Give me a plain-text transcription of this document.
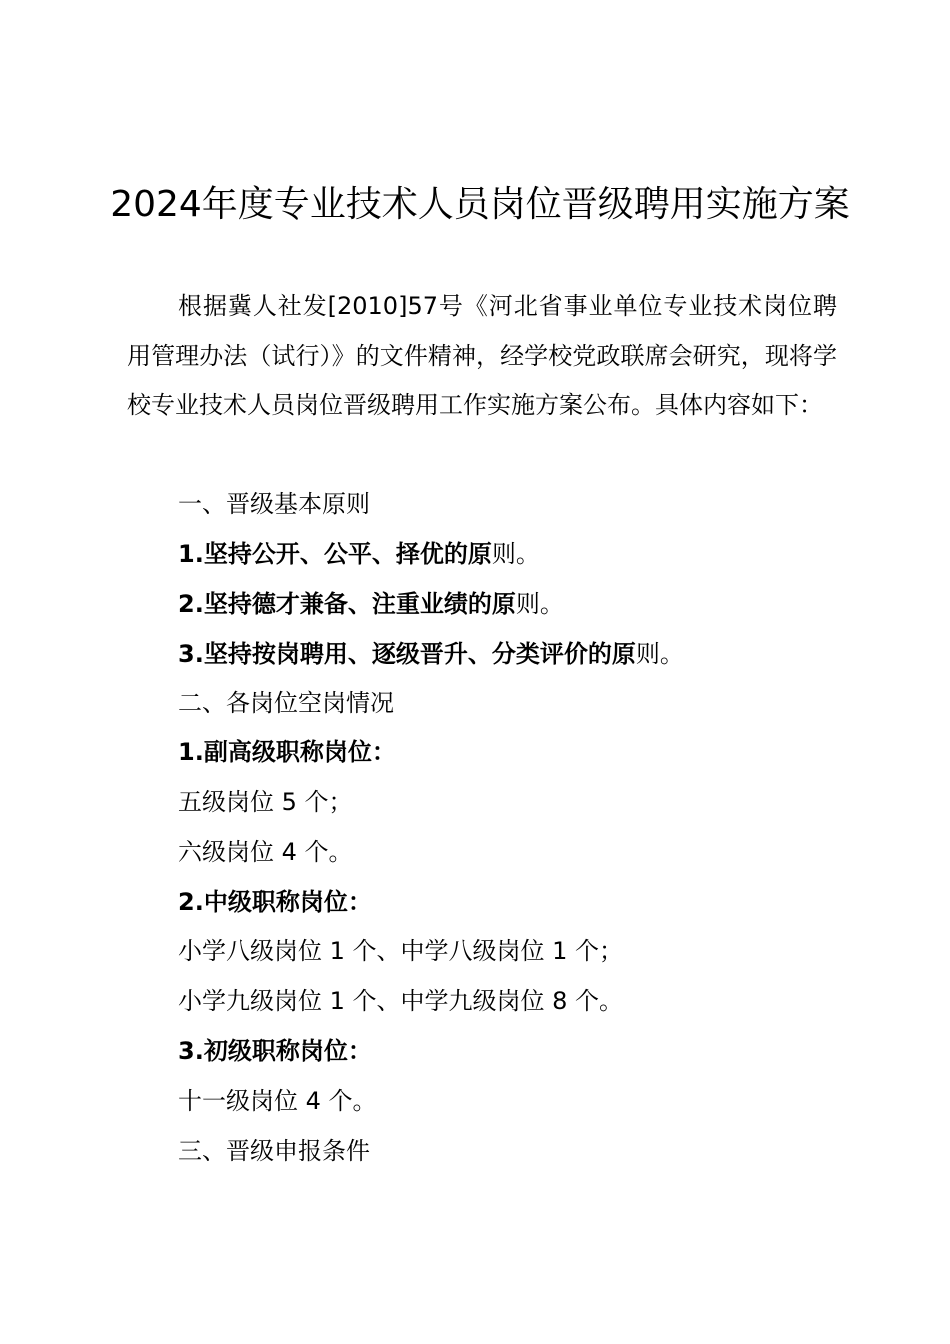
2024年度专业技术人员岗位晋级聘用实施方案

根据冀人社发[2010]57号《河北省事业单位专业技术岗位聘用管理办法（试行）》的文件精神，经学校党政联席会研究，现将学校专业技术人员岗位晋级聘用工作实施方案公布。具体内容如下：

一、晋级基本原则

1.坚持公开、公平、择优的原则。

2.坚持德才兼备、注重业绩的原则。

3.坚持按岗聘用、逐级晋升、分类评价的原则。

二、各岗位空岗情况

1.副高级职称岗位：

五级岗位 5 个；

六级岗位 4 个。

2.中级职称岗位：

小学八级岗位 1 个、中学八级岗位 1 个；

小学九级岗位 1 个、中学九级岗位 8 个。

3.初级职称岗位：

十一级岗位 4 个。

三、晋级申报条件
